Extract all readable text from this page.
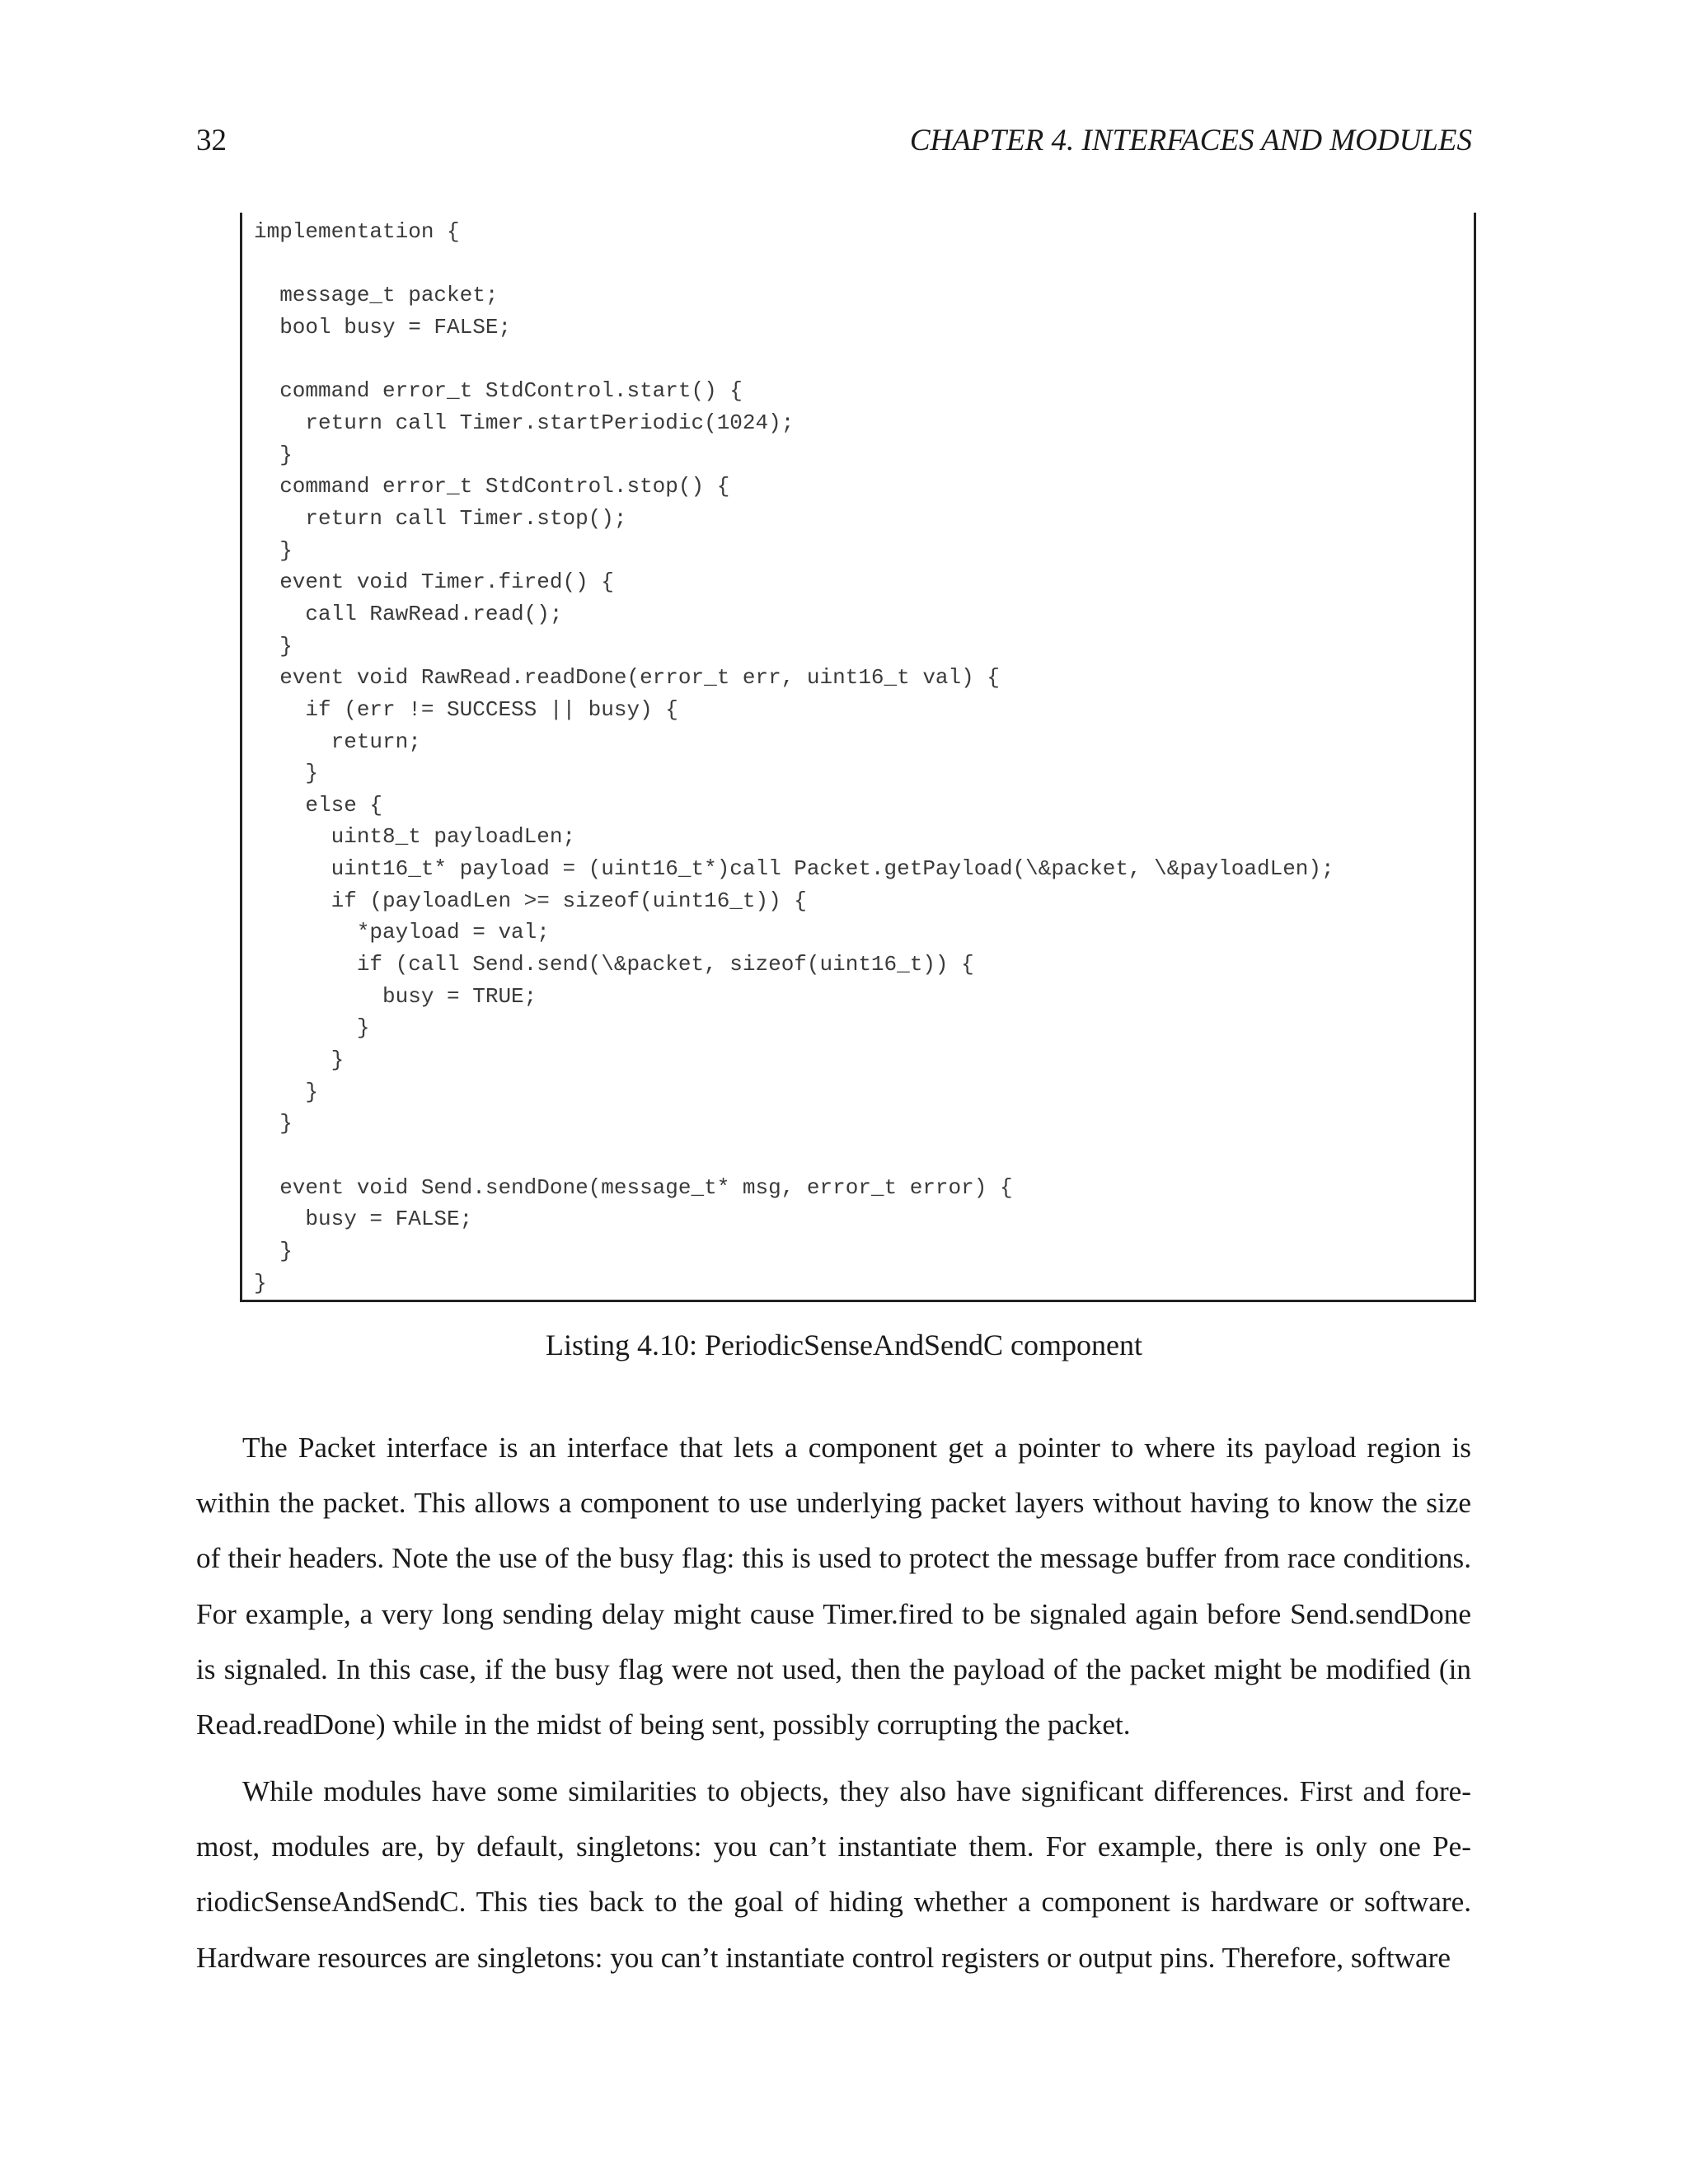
32	CHAPTER 4. INTERFACES AND MODULES
implementation {

message_t packet;
bool busy = FALSE;

command error_t StdControl.start() {
return call Timer.startPeriodic(1024);
}
command error_t StdControl.stop() {
return call Timer.stop();
}
event void Timer.fired() {
call RawRead.read();
}
event void RawRead.readDone(error_t err, uint16_t val) {
if (err != SUCCESS || busy) {
return;
}
else {
uint8_t payloadLen;
uint16_t* payload = (uint16_t*)call Packet.getPayload(\&packet, \&payloadLen);
if (payloadLen >= sizeof(uint16_t)) {
*payload = val;
if (call Send.send(\&packet, sizeof(uint16_t)) {
busy = TRUE;
}
}
}
}

event void Send.sendDone(message_t* msg, error_t error) {
busy = FALSE;
}
}
Listing 4.10: PeriodicSenseAndSendC component

The Packet interface is an interface that lets a component get a pointer to where its payload region is within the packet. This allows a component to use underlying packet layers without having to know the size of their headers. Note the use of the busy flag: this is used to protect the message buffer from race conditions. For example, a very long sending delay might cause Timer.fired to be signaled again before Send.sendDone is signaled. In this case, if the busy flag were not used, then the payload of the packet might be modified (in Read.readDone) while in the midst of being sent, possibly corrupting the packet.

While modules have some similarities to objects, they also have significant differences. First and foremost, modules are, by default, singletons: you can’t instantiate them. For example, there is only one PeriodicSenseAndSendC. This ties back to the goal of hiding whether a component is hardware or software. Hardware resources are singletons: you can’t instantiate control registers or output pins. Therefore, software
